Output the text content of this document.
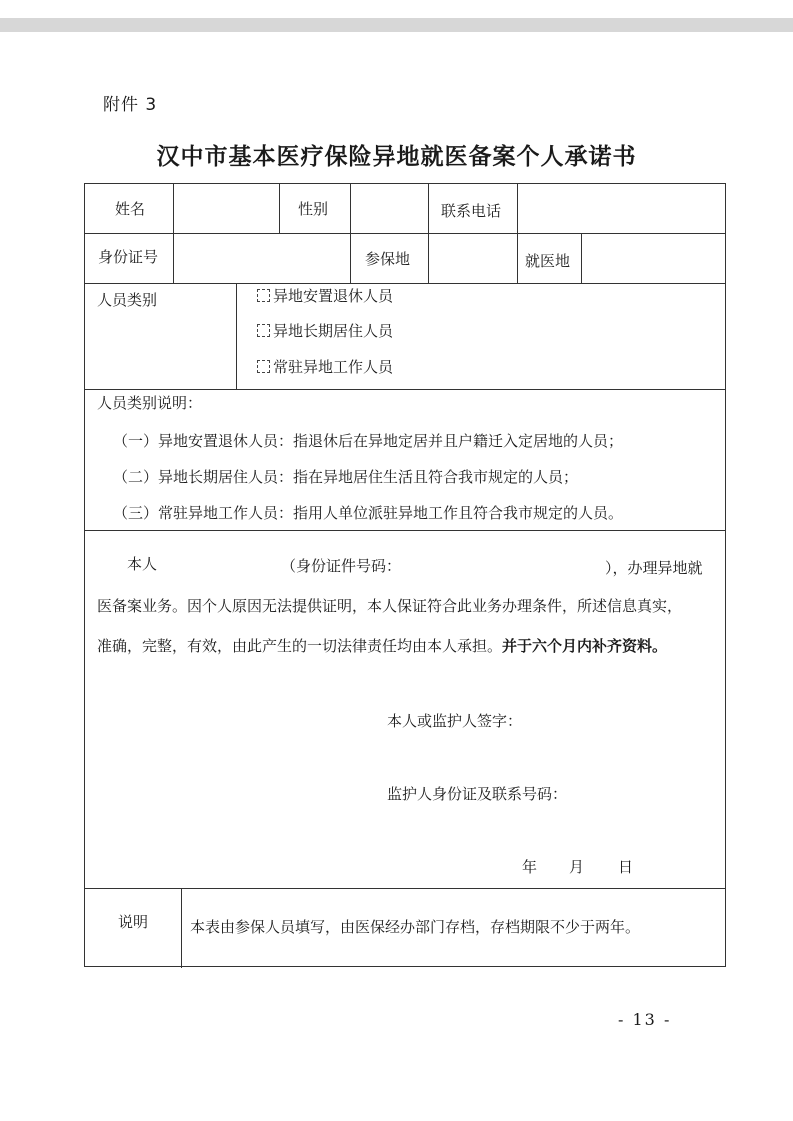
附件 3
汉中市基本医疗保险异地就医备案个人承诺书
姓名	性别	联系电话
身份证号	参保地	就医地
人员类别	异地安置退休人员
异地长期居住人员
常驻异地工作人员
人员类别说明：
（一）异地安置退休人员：指退休后在异地定居并且户籍迁入定居地的人员；
（二）异地长期居住人员：指在异地居住生活且符合我市规定的人员；
（三）常驻异地工作人员：指用人单位派驻异地工作且符合我市规定的人员。
本人	（身份证件号码：	），办理异地就
医备案业务。因个人原因无法提供证明，本人保证符合此业务办理条件，所述信息真实，
准确，完整，有效，由此产生的一切法律责任均由本人承担。并于六个月内补齐资料。
本人或监护人签字：
监护人身份证及联系号码：
年 月 日
说明	本表由参保人员填写，由医保经办部门存档，存档期限不少于两年。
- 13 -
